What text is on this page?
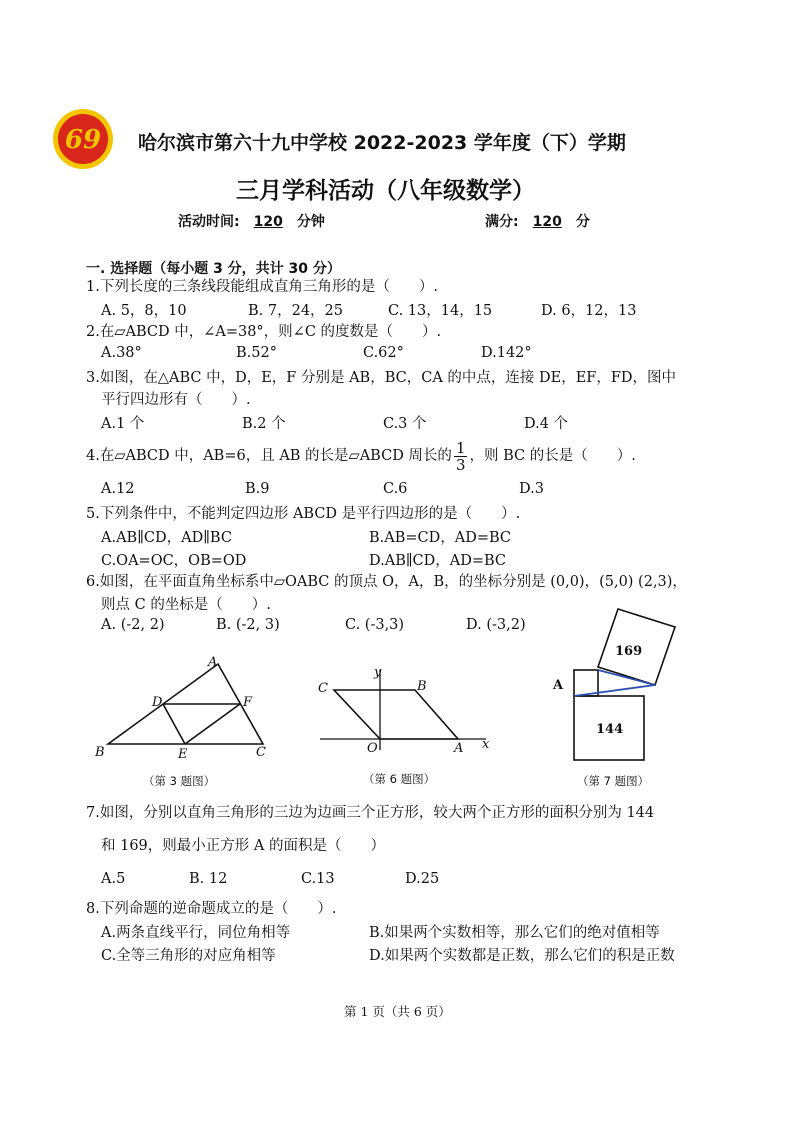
69 哈尔滨市第六十九中学校 2022-2023 学年度（下）学期
三月学科活动（八年级数学）
活动时间: 120 分钟	满分: 120 分
一. 选择题（每小题 3 分，共计 30 分）
1.下列长度的三条线段能组成直角三角形的是（　　）.
A. 5，8，10	B. 7，24，25	C. 13，14，15	D. 6，12，13
2.在▱ABCD 中，∠A=38°，则∠C 的度数是（　　）.
A.38°	B.52°	C.62°	D.142°
3.如图，在△ABC 中，D，E，F 分别是 AB，BC，CA 的中点，连接 DE，EF，FD，图中
平行四边形有（　　）.
A.1 个	B.2 个	C.3 个	D.4 个
4.在▱ABCD 中，AB=6，且 AB 的长是▱ABCD 周长的 $\frac{1}{3}$ ，则 BC 的长是（　　）.
A.12	B.9	C.6	D.3
5.下列条件中，不能判定四边形 ABCD 是平行四边形的是（　　）.
A.AB∥CD，AD∥BC	B.AB=CD，AD=BC
C.OA=OC，OB=OD	D.AB∥CD，AD=BC
6.如图，在平面直角坐标系中▱OABC 的顶点 O，A，B，的坐标分别是 (0,0)，(5,0) (2,3)，
则点 C 的坐标是（　　）.
A. (-2, 2)	B. (-2, 3)	C. (-3,3)	D. (-3,2)
A
D	F
B	E	C
（第 3 题图）
y
C	B
O	A x
（第 6 题图）
169
A
144
（第 7 题图）
7.如图，分别以直角三角形的三边为边画三个正方形，较大两个正方形的面积分别为 144
和 169，则最小正方形 A 的面积是（　　）
A.5	B. 12	C.13	D.25
8.下列命题的逆命题成立的是（　　）.
A.两条直线平行，同位角相等	B.如果两个实数相等，那么它们的绝对值相等
C.全等三角形的对应角相等	D.如果两个实数都是正数，那么它们的积是正数
第 1 页（共 6 页）
